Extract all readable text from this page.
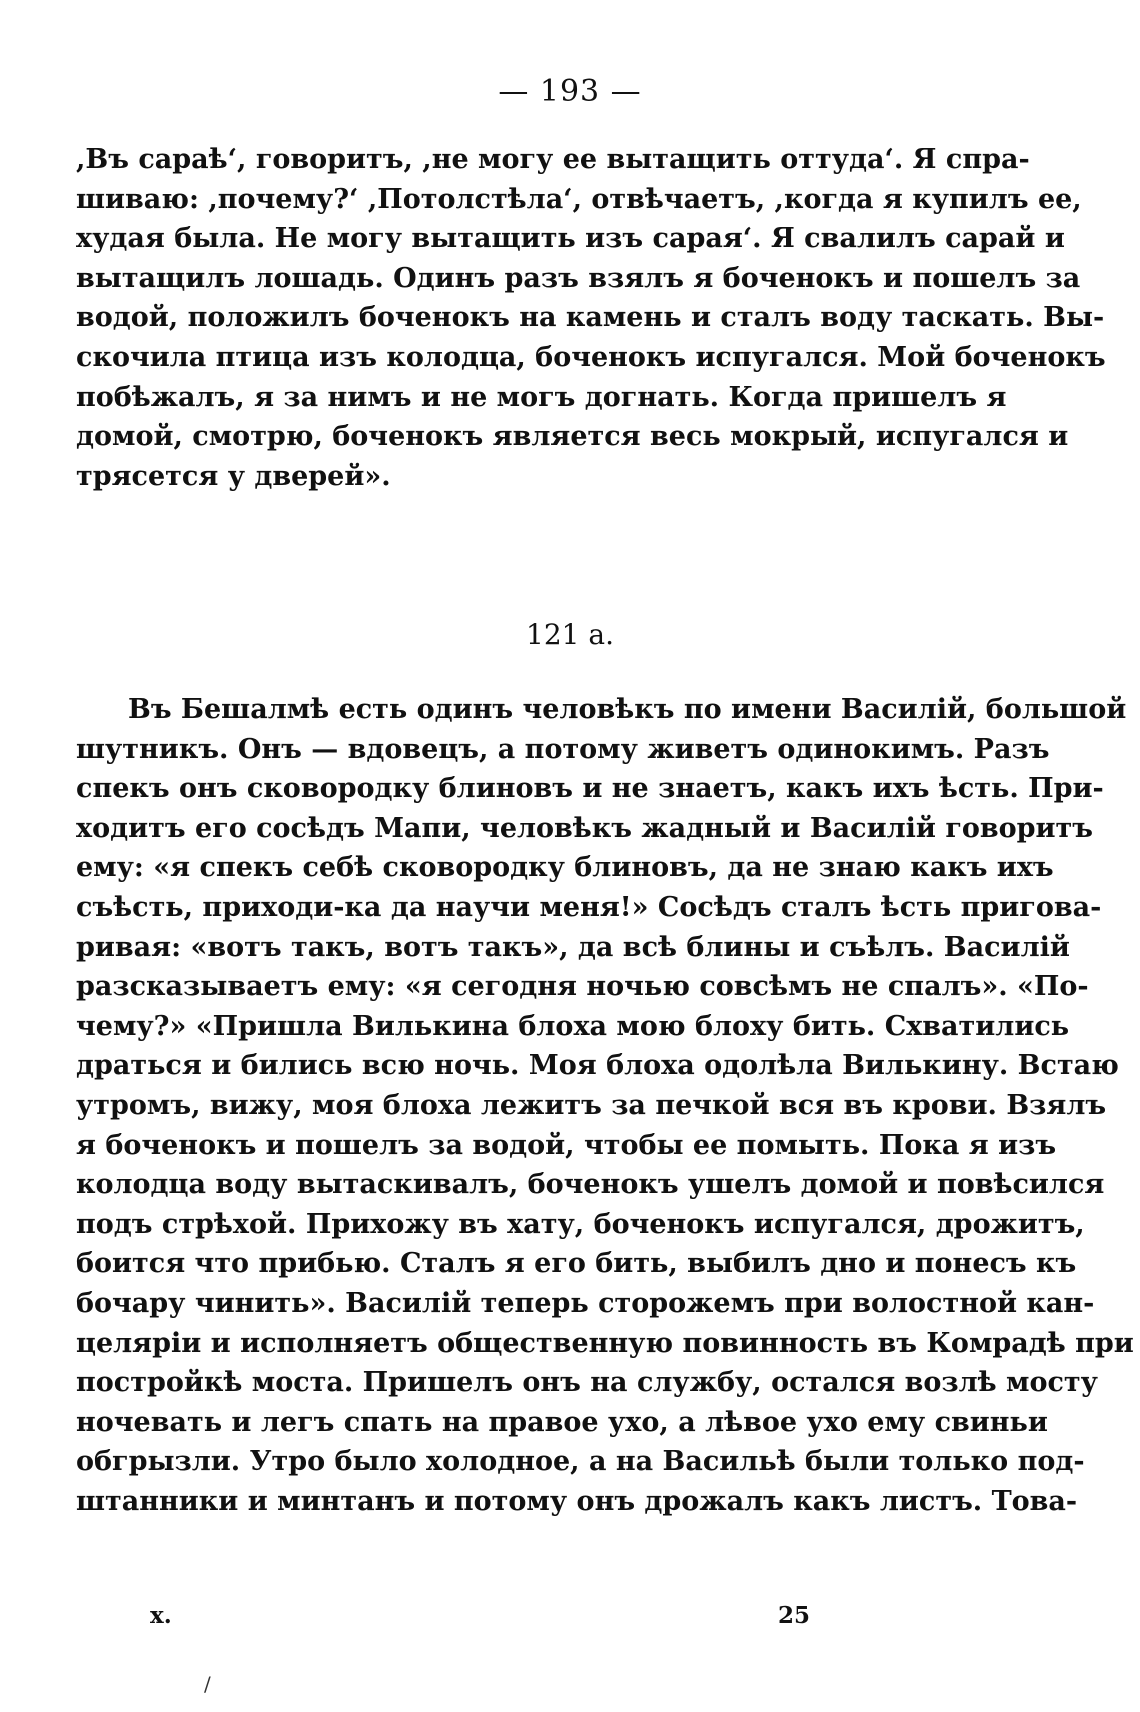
— 193 —
,Въ сараѣ‘, говоритъ, ,не могу ее вытащить оттуда‘. Я спра-
шиваю: ,почему?‘ ,Потолстѣла‘, отвѣчаетъ, ,когда я купилъ ее,
худая была. Не могу вытащить изъ сарая‘. Я свалилъ сарай и
вытащилъ лошадь. Одинъ разъ взялъ я боченокъ и пошелъ за
водой, положилъ боченокъ на камень и сталъ воду таскать. Вы-
скочила птица изъ колодца, боченокъ испугался. Мой боченокъ
побѣжалъ, я за нимъ и не могъ догнать. Когда пришелъ я
домой, смотрю, боченокъ является весь мокрый, испугался и
трясется у дверей».
121 a.
Въ Бешалмѣ есть одинъ человѣкъ по имени Василій, большой
шутникъ. Онъ — вдовецъ, а потому живетъ одинокимъ. Разъ
спекъ онъ сковородку блиновъ и не знаетъ, какъ ихъ ѣсть. При-
ходитъ его сосѣдъ Мапи, человѣкъ жадный и Василій говоритъ
ему: «я спекъ себѣ сковородку блиновъ, да не знаю какъ ихъ
съѣсть, приходи-ка да научи меня!» Сосѣдъ сталъ ѣсть пригова-
ривая: «вотъ такъ, вотъ такъ», да всѣ блины и съѣлъ. Василій
разсказываетъ ему: «я сегодня ночью совсѣмъ не спалъ». «По-
чему?» «Пришла Вилькина блоха мою блоху бить. Схватились
драться и бились всю ночь. Моя блоха одолѣла Вилькину. Встаю
утромъ, вижу, моя блоха лежитъ за печкой вся въ крови. Взялъ
я боченокъ и пошелъ за водой, чтобы ее помыть. Пока я изъ
колодца воду вытаскивалъ, боченокъ ушелъ домой и повѣсился
подъ стрѣхой. Прихожу въ хату, боченокъ испугался, дрожитъ,
боится что прибью. Сталъ я его бить, выбилъ дно и понесъ къ
бочару чинить». Василій теперь сторожемъ при волостной кан-
целяріи и исполняетъ общественную повинность въ Комрадѣ при
постройкѣ моста. Пришелъ онъ на службу, остался возлѣ мосту
ночевать и легъ спать на правое ухо, а лѣвое ухо ему свиньи
обгрызли. Утро было холодное, а на Васильѣ были только под-
штанники и минтанъ и потому онъ дрожалъ какъ листъ. Това-
x.	25
/
